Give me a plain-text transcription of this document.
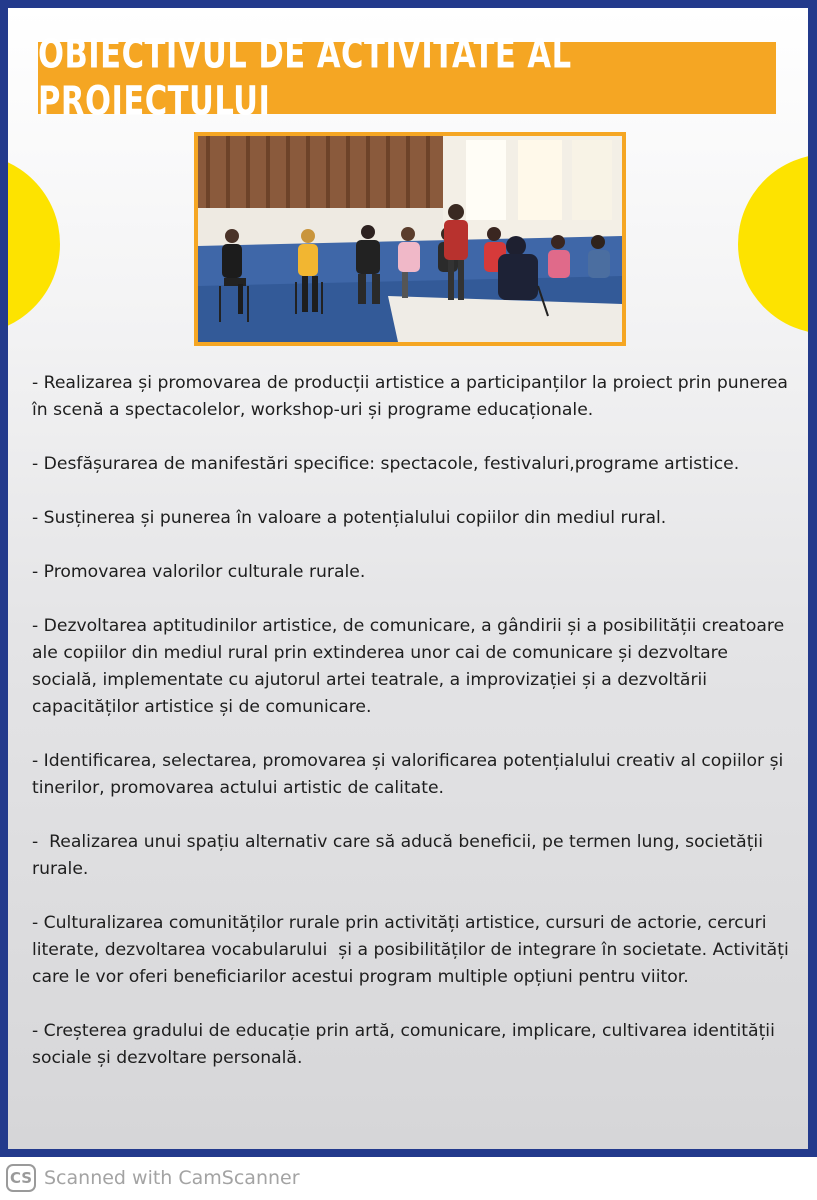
OBIECTIVUL DE ACTIVITATE AL PROIECTULUI

- Realizarea și promovarea de producții artistice a participanților la proiect prin punerea în scenă a spectacolelor, workshop-uri și programe educaționale.

- Desfășurarea de manifestări specifice: spectacole, festivaluri,programe artistice.

- Susținerea și punerea în valoare a potențialului copiilor din mediul rural.

- Promovarea valorilor culturale rurale.

- Dezvoltarea aptitudinilor artistice, de comunicare, a gândirii și a posibilității creatoare ale copiilor din mediul rural prin extinderea unor cai de comunicare și dezvoltare socială, implementate cu ajutorul artei teatrale, a improvizației și a dezvoltării capacităților artistice și de comunicare.

- Identificarea, selectarea, promovarea și valorificarea potențialului creativ al copiilor și tinerilor, promovarea actului artistic de calitate.

-  Realizarea unui spațiu alternativ care să aducă beneficii, pe termen lung, societății rurale.

- Culturalizarea comunităților rurale prin activități artistice, cursuri de actorie, cercuri literate, dezvoltarea vocabularului  și a posibilităților de integrare în societate. Activități care le vor oferi beneficiarilor acestui program multiple opțiuni pentru viitor.

- Creșterea gradului de educație prin artă, comunicare, implicare, cultivarea identității sociale și dezvoltare personală.

CS Scanned with CamScanner
